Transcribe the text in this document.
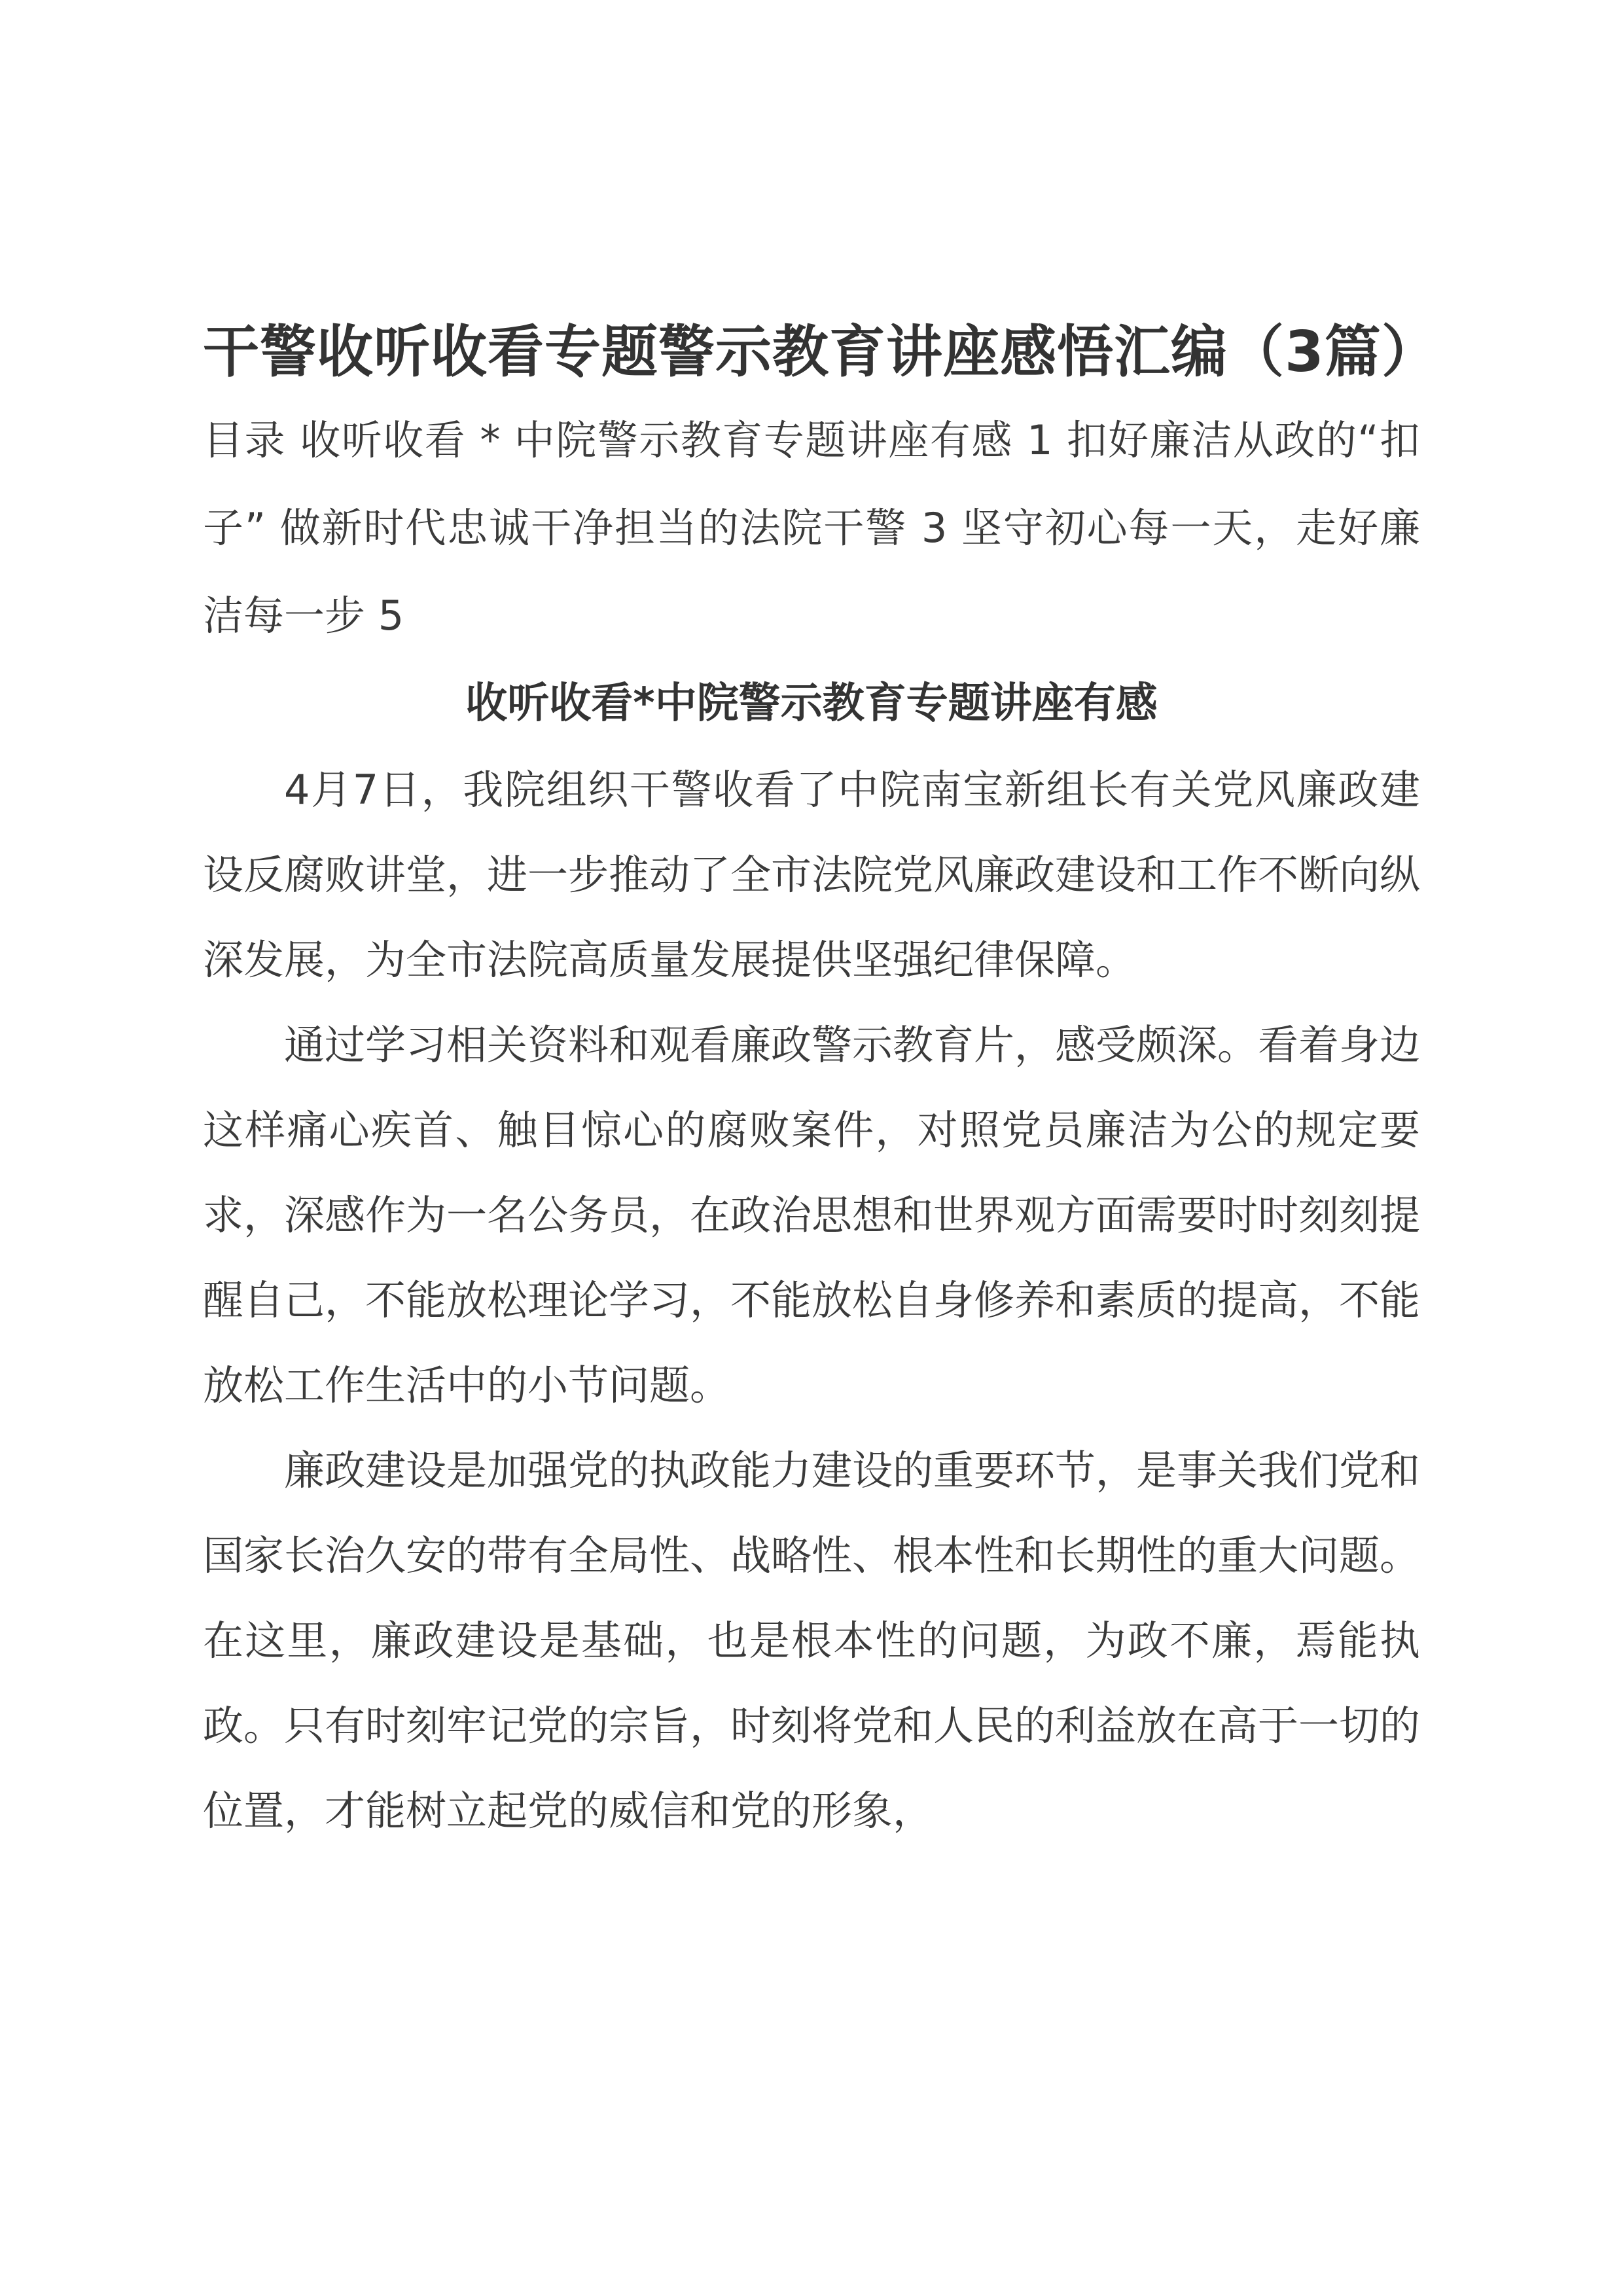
干警收听收看专题警示教育讲座感悟汇编（3篇）

目录 收听收看 * 中院警示教育专题讲座有感 1 扣好廉洁从政的“扣子” 做新时代忠诚干净担当的法院干警 3 坚守初心每一天，走好廉洁每一步 5

收听收看*中院警示教育专题讲座有感

4月7日，我院组织干警收看了中院南宝新组长有关党风廉政建设反腐败讲堂，进一步推动了全市法院党风廉政建设和工作不断向纵深发展，为全市法院高质量发展提供坚强纪律保障。

通过学习相关资料和观看廉政警示教育片，感受颇深。看着身边这样痛心疾首、触目惊心的腐败案件，对照党员廉洁为公的规定要求，深感作为一名公务员，在政治思想和世界观方面需要时时刻刻提醒自己，不能放松理论学习，不能放松自身修养和素质的提高，不能放松工作生活中的小节问题。

廉政建设是加强党的执政能力建设的重要环节，是事关我们党和国家长治久安的带有全局性、战略性、根本性和长期性的重大问题。在这里，廉政建设是基础，也是根本性的问题，为政不廉，焉能执政。只有时刻牢记党的宗旨，时刻将党和人民的利益放在高于一切的位置，才能树立起党的威信和党的形象，
